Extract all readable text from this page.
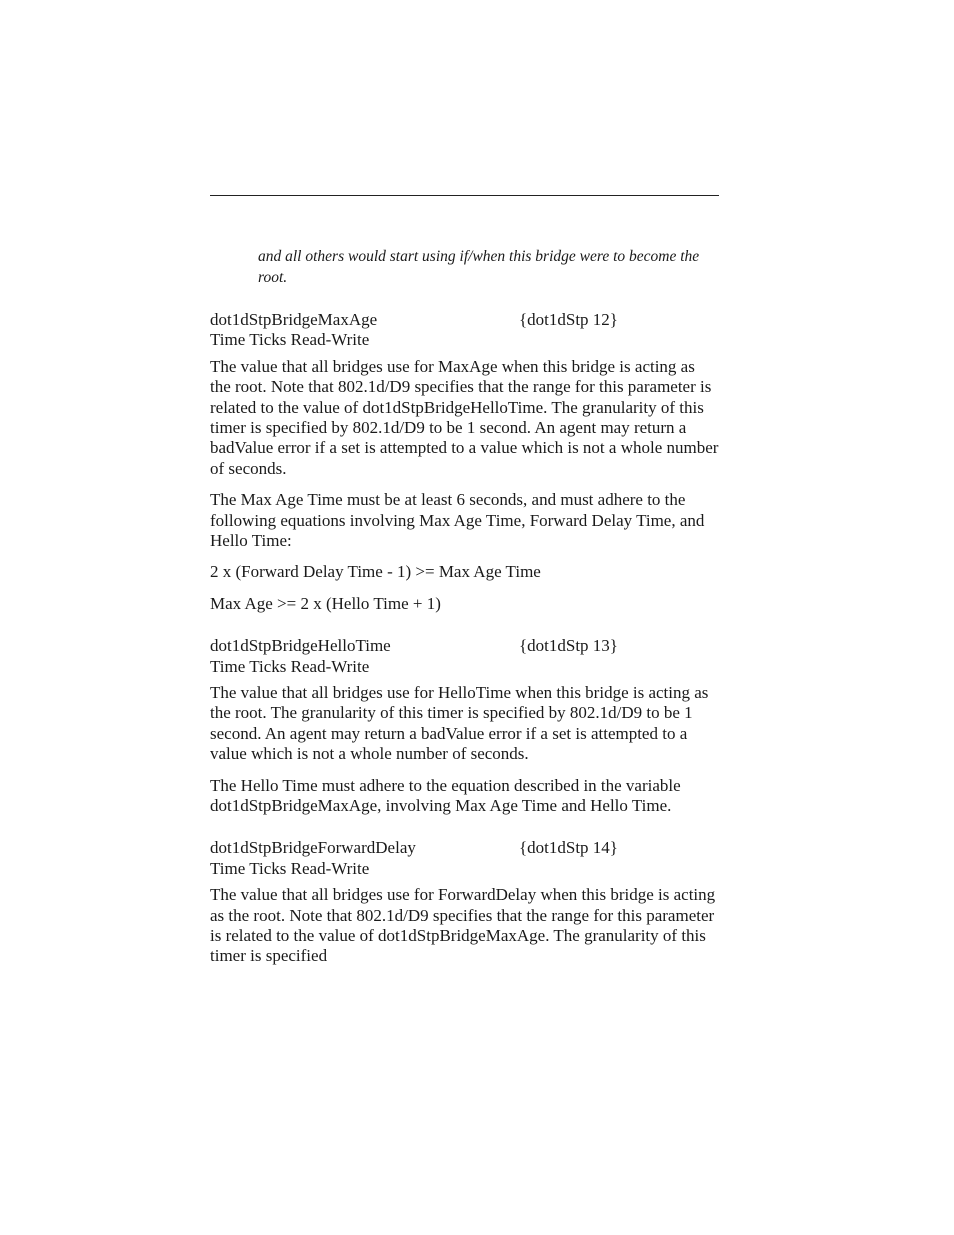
and all others would start using if/when this bridge were to become the root.

dot1dStpBridgeMaxAge	{dot1dStp 12}
Time Ticks Read-Write

The value that all bridges use for MaxAge when this bridge is acting as the root. Note that 802.1d/D9 specifies that the range for this parameter is related to the value of dot1dStpBridgeHelloTime. The granularity of this timer is specified by 802.1d/D9 to be 1 second. An agent may return a badValue error if a set is attempted to a value which is not a whole number of seconds.

The Max Age Time must be at least 6 seconds, and must adhere to the following equations involving Max Age Time, Forward Delay Time, and Hello Time:

2 x (Forward Delay Time - 1) >= Max Age Time

Max Age >= 2 x (Hello Time + 1)

dot1dStpBridgeHelloTime	{dot1dStp 13}
Time Ticks Read-Write

The value that all bridges use for HelloTime when this bridge is acting as the root. The granularity of this timer is specified by 802.1d/D9 to be 1 second. An agent may return a badValue error if a set is attempted to a value which is not a whole number of seconds.

The Hello Time must adhere to the equation described in the variable dot1dStpBridgeMaxAge, involving Max Age Time and Hello Time.

dot1dStpBridgeForwardDelay	{dot1dStp 14}
Time Ticks Read-Write

The value that all bridges use for ForwardDelay when this bridge is acting as the root. Note that 802.1d/D9 specifies that the range for this parameter is related to the value of dot1dStpBridgeMaxAge. The granularity of this timer is specified
